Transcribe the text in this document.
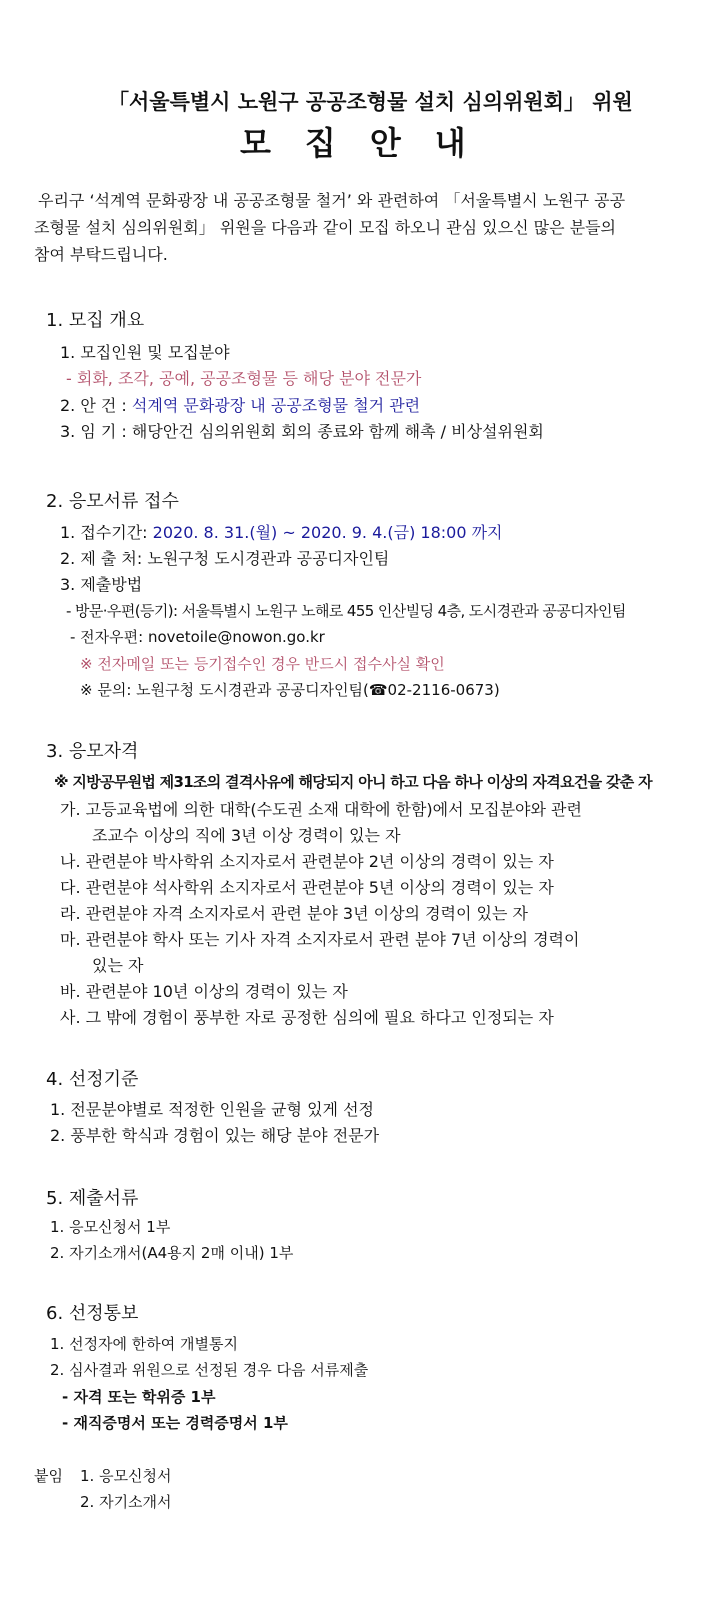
「서울특별시 노원구 공공조형물 설치 심의위원회」 위원
모집안내
우리구 ‘석계역 문화광장 내 공공조형물 철거’ 와 관련하여 「서울특별시 노원구 공공
조형물 설치 심의위원회」 위원을 다음과 같이 모집 하오니 관심 있으신 많은 분들의
참여 부탁드립니다.
1. 모집 개요
1. 모집인원 및 모집분야
- 회화, 조각, 공예, 공공조형물 등 해당 분야 전문가
2. 안 건 : 석계역 문화광장 내 공공조형물 철거 관련
3. 임 기 : 해당안건 심의위원회 회의 종료와 함께 해촉 / 비상설위원회
2. 응모서류 접수
1. 접수기간: 2020. 8. 31.(월) ~ 2020. 9. 4.(금) 18:00 까지
2. 제 출 처: 노원구청 도시경관과 공공디자인팀
3. 제출방법
- 방문·우편(등기): 서울특별시 노원구 노해로 455 인산빌딩 4층, 도시경관과 공공디자인팀
- 전자우편: novetoile@nowon.go.kr
※ 전자메일 또는 등기접수인 경우 반드시 접수사실 확인
※ 문의: 노원구청 도시경관과 공공디자인팀(☎02-2116-0673)
3. 응모자격
※ 지방공무원법 제31조의 결격사유에 해당되지 아니 하고 다음 하나 이상의 자격요건을 갖춘 자
가. 고등교육법에 의한 대학(수도권 소재 대학에 한함)에서 모집분야와 관련
조교수 이상의 직에 3년 이상 경력이 있는 자
나. 관련분야 박사학위 소지자로서 관련분야 2년 이상의 경력이 있는 자
다. 관련분야 석사학위 소지자로서 관련분야 5년 이상의 경력이 있는 자
라. 관련분야 자격 소지자로서 관련 분야 3년 이상의 경력이 있는 자
마. 관련분야 학사 또는 기사 자격 소지자로서 관련 분야 7년 이상의 경력이
있는 자
바. 관련분야 10년 이상의 경력이 있는 자
사. 그 밖에 경험이 풍부한 자로 공정한 심의에 필요 하다고 인정되는 자
4. 선정기준
1. 전문분야별로 적정한 인원을 균형 있게 선정
2. 풍부한 학식과 경험이 있는 해당 분야 전문가
5. 제출서류
1. 응모신청서 1부
2. 자기소개서(A4용지 2매 이내) 1부
6. 선정통보
1. 선정자에 한하여 개별통지
2. 심사결과 위원으로 선정된 경우 다음 서류제출
- 자격 또는 학위증 1부
- 재직증명서 또는 경력증명서 1부
붙임 1. 응모신청서
2. 자기소개서
